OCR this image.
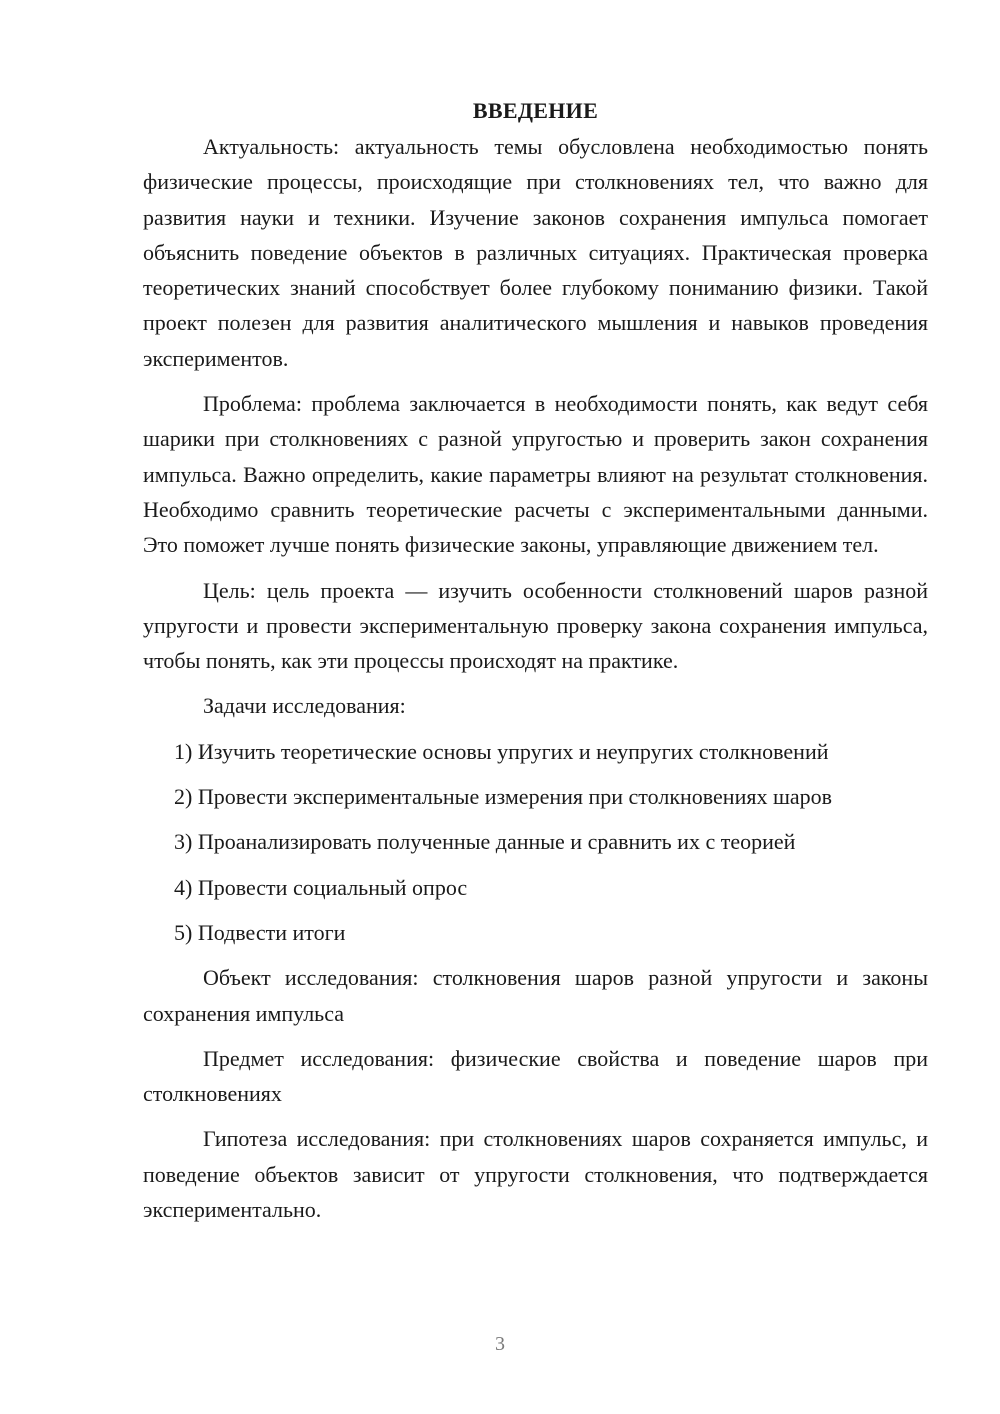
ВВЕДЕНИЕ

Актуальность: актуальность темы обусловлена необходимостью понять физические процессы, происходящие при столкновениях тел, что важно для развития науки и техники. Изучение законов сохранения импульса помогает объяснить поведение объектов в различных ситуациях. Практическая проверка теоретических знаний способствует более глубокому пониманию физики. Такой проект полезен для развития аналитического мышления и навыков проведения экспериментов.

Проблема: проблема заключается в необходимости понять, как ведут себя шарики при столкновениях с разной упругостью и проверить закон сохранения импульса. Важно определить, какие параметры влияют на результат столкновения. Необходимо сравнить теоретические расчеты с экспериментальными данными. Это поможет лучше понять физические законы, управляющие движением тел.

Цель: цель проекта — изучить особенности столкновений шаров разной упругости и провести экспериментальную проверку закона сохранения импульса, чтобы понять, как эти процессы происходят на практике.

Задачи исследования:

1) Изучить теоретические основы упругих и неупругих столкновений
2) Провести экспериментальные измерения при столкновениях шаров
3) Проанализировать полученные данные и сравнить их с теорией
4) Провести социальный опрос
5) Подвести итоги

Объект исследования: столкновения шаров разной упругости и законы сохранения импульса

Предмет исследования: физические свойства и поведение шаров при столкновениях

Гипотеза исследования: при столкновениях шаров сохраняется импульс, и поведение объектов зависит от упругости столкновения, что подтверждается экспериментально.

3
